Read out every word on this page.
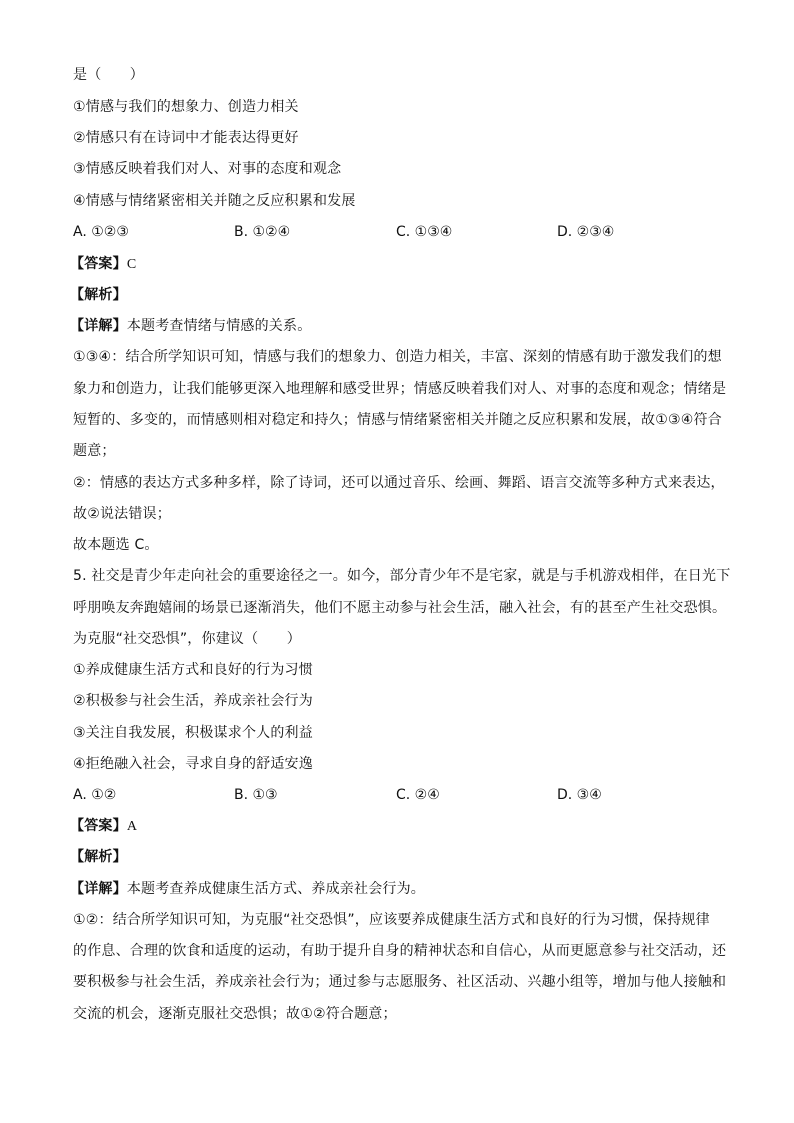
是（　　）
①情感与我们的想象力、创造力相关
②情感只有在诗词中才能表达得更好
③情感反映着我们对人、对事的态度和观念
④情感与情绪紧密相关并随之反应积累和发展
A. ①②③	B. ①②④	C. ①③④	D. ②③④
【答案】C
【解析】
【详解】本题考查情绪与情感的关系。
①③④：结合所学知识可知，情感与我们的想象力、创造力相关，丰富、深刻的情感有助于激发我们的想
象力和创造力，让我们能够更深入地理解和感受世界；情感反映着我们对人、对事的态度和观念；情绪是
短暂的、多变的，而情感则相对稳定和持久；情感与情绪紧密相关并随之反应积累和发展，故①③④符合
题意；
②：情感的表达方式多种多样，除了诗词，还可以通过音乐、绘画、舞蹈、语言交流等多种方式来表达，
故②说法错误；
故本题选 C。
5. 社交是青少年走向社会的重要途径之一。如今，部分青少年不是宅家，就是与手机游戏相伴，在日光下
呼朋唤友奔跑嬉闹的场景已逐渐消失，他们不愿主动参与社会生活，融入社会，有的甚至产生社交恐惧。
为克服“社交恐惧”，你建议（　　）
①养成健康生活方式和良好的行为习惯
②积极参与社会生活，养成亲社会行为
③关注自我发展，积极谋求个人的利益
④拒绝融入社会，寻求自身的舒适安逸
A. ①②	B. ①③	C. ②④	D. ③④
【答案】A
【解析】
【详解】本题考查养成健康生活方式、养成亲社会行为。
①②：结合所学知识可知，为克服“社交恐惧”，应该要养成健康生活方式和良好的行为习惯，保持规律
的作息、合理的饮食和适度的运动，有助于提升自身的精神状态和自信心，从而更愿意参与社交活动，还
要积极参与社会生活，养成亲社会行为；通过参与志愿服务、社区活动、兴趣小组等，增加与他人接触和
交流的机会，逐渐克服社交恐惧；故①②符合题意；
